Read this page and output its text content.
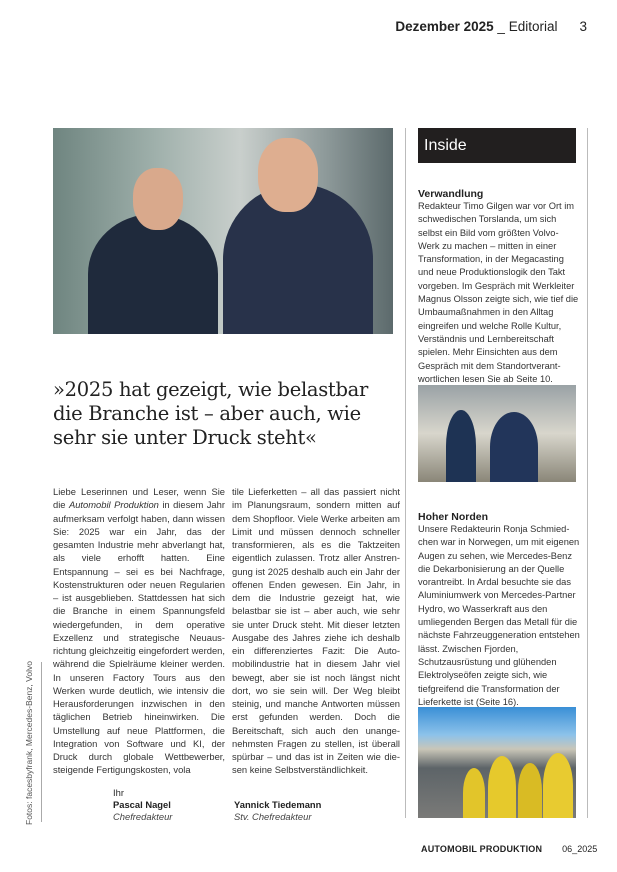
Dezember 2025 _ Editorial 3
»2025 hat gezeigt, wie belastbar die Branche ist – aber auch, wie sehr sie unter Druck steht«
Liebe Leserinnen und Leser, wenn Sie die Automobil Produktion in diesem Jahr aufmerksam verfolgt haben, dann wissen Sie: 2025 war ein Jahr, das der gesamten Industrie mehr abverlangt hat, als viele erhofft hatten. Eine Entspannung – sei es bei Nachfrage, Kostenstrukturen oder neuen Regularien – ist ausgeblieben. Stattdessen hat sich die Branche in einem Spannungsfeld wiedergefunden, in dem operative Exzellenz und strategische Neuausrichtung gleichzeitig eingefordert werden, während die Spielräume kleiner werden. In unseren Factory Tours aus den Werken wurde deutlich, wie intensiv die Herausforderungen inzwischen in den täglichen Betrieb hineinwirken. Die Umstellung auf neue Plattformen, die Integration von Software und KI, der Druck durch globale Wettbewerber, steigende Fertigungskosten, vola
tile Lieferketten – all das passiert nicht im Planungsraum, sondern mitten auf dem Shopfloor. Viele Werke arbeiten am Limit und müssen dennoch schneller transformieren, als es die Taktzeiten eigentlich zulassen. Trotz aller Anstrengung ist 2025 deshalb auch ein Jahr der offenen Enden gewesen. Ein Jahr, in dem die Industrie gezeigt hat, wie belastbar sie ist – aber auch, wie sehr sie unter Druck steht. Mit dieser letzten Ausgabe des Jahres ziehe ich deshalb ein differenziertes Fazit: Die Automobilindustrie hat in diesem Jahr viel bewegt, aber sie ist noch längst nicht dort, wo sie sein will. Der Weg bleibt steinig, und manche Antworten müssen erst gefunden werden. Doch die Bereitschaft, sich auch den unangenehmsten Fragen zu stellen, ist überall spürbar – und das ist in Zeiten wie diesen keine Selbstverständlichkeit.
Fotos: facesbyfrank, Mercedes-Benz, Volvo	Ihr
Pascal Nagel
Chefredakteur
Yannick Tiedemann
Stv. Chefredakteur
Inside
Verwandlung
Redakteur Timo Gilgen war vor Ort im schwedischen Torslanda, um sich selbst ein Bild vom größten Volvo-Werk zu machen – mitten in einer Transformation, in der Megacasting und neue Produktionslogik den Takt vorgeben. Im Gespräch mit Werkleiter Magnus Olsson zeigte sich, wie tief die Umbaumaßnahmen in den Alltag eingreifen und welche Rolle Kultur, Verständnis und Lernbereitschaft spielen. Mehr Einsichten aus dem Gespräch mit dem Standortverantwortlichen lesen Sie ab Seite 10.
Hoher Norden
Unsere Redakteurin Ronja Schmiedchen war in Norwegen, um mit eigenen Augen zu sehen, wie Mercedes-Benz die Dekarbonisierung an der Quelle vorantreibt. In Ardal besuchte sie das Aluminiumwerk von Mercedes-Partner Hydro, wo Wasserkraft aus den umliegenden Bergen das Metall für die nächste Fahrzeuggeneration entstehen lässt. Zwischen Fjorden, Schutzausrüstung und glühenden Elektrolyseöfen zeigte sich, wie tiefgreifend die Transformation der Lieferkette ist (Seite 16).
AUTOMOBIL PRODUKTION 06_2025
